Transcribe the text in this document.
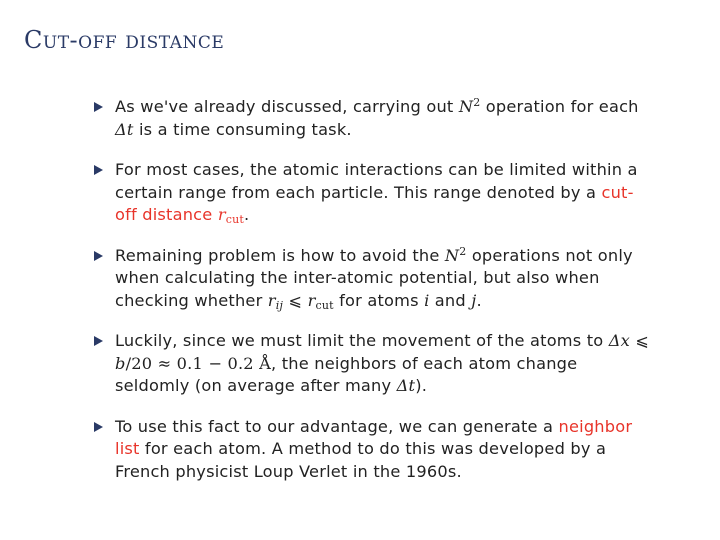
Cut-off distance
As we've already discussed, carrying out $N^2$ operation for each Δt is a time consuming task.
For most cases, the atomic interactions can be limited within a certain range from each particle. This range denoted by a cut-off distance $r_{cut}$.
Remaining problem is how to avoid the $N^2$ operations not only when calculating the inter-atomic potential, but also when checking whether $r_{ij}$ ⩽ $r_{cut}$ for atoms i and j.
Luckily, since we must limit the movement of the atoms to Δx ⩽ b/20 ≈ 0.1 − 0.2 Å, the neighbors of each atom change seldomly (on average after many Δt).
To use this fact to our advantage, we can generate a neighbor list for each atom. A method to do this was developed by a French physicist Loup Verlet in the 1960s.
